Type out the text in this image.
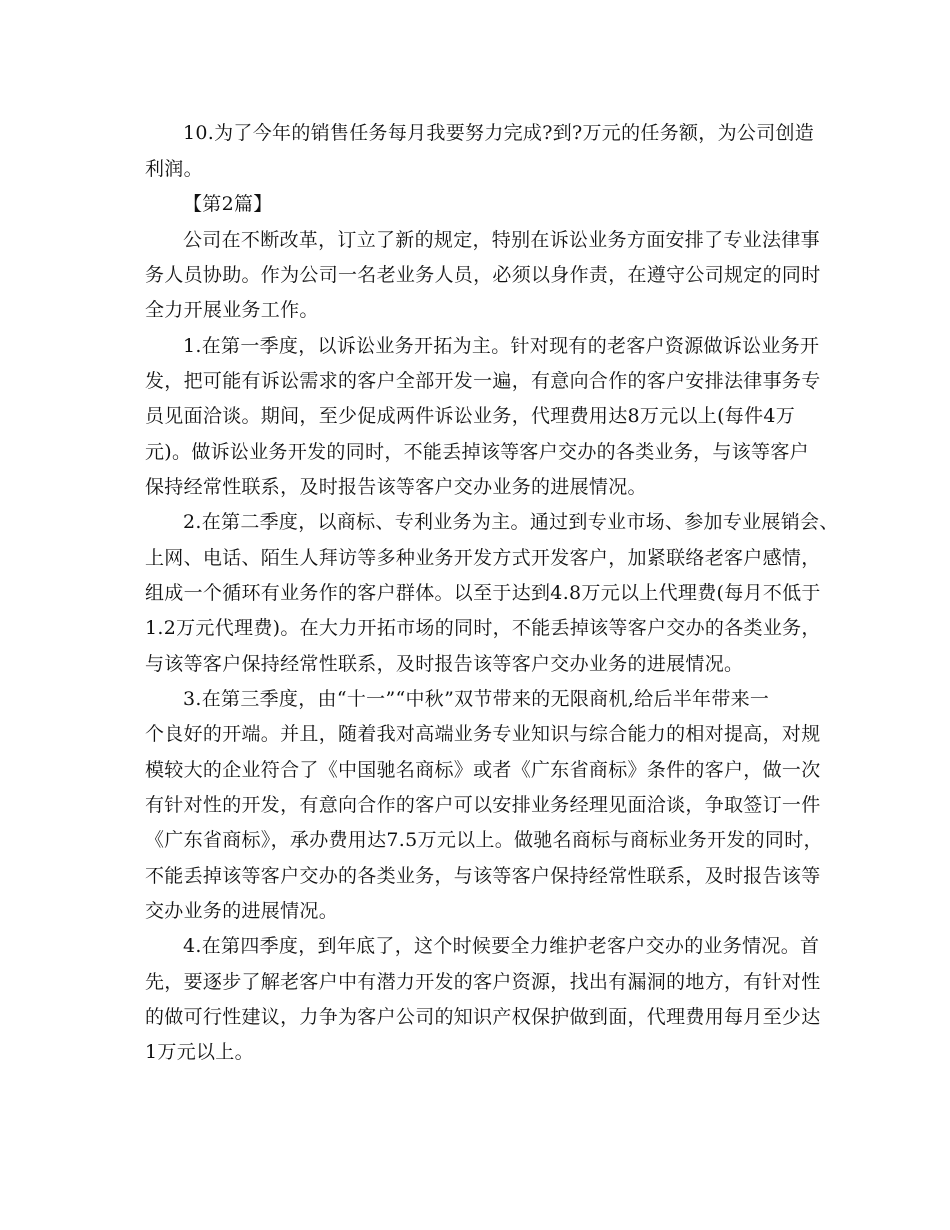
10.为了今年的销售任务每月我要努力完成?到?万元的任务额，为公司创造
利润。
【第2篇】
公司在不断改革，订立了新的规定，特别在诉讼业务方面安排了专业法律事
务人员协助。作为公司一名老业务人员，必须以身作责，在遵守公司规定的同时
全力开展业务工作。
1.在第一季度，以诉讼业务开拓为主。针对现有的老客户资源做诉讼业务开
发，把可能有诉讼需求的客户全部开发一遍，有意向合作的客户安排法律事务专
员见面洽谈。期间，至少促成两件诉讼业务，代理费用达8万元以上(每件4万
元)。做诉讼业务开发的同时，不能丢掉该等客户交办的各类业务，与该等客户
保持经常性联系，及时报告该等客户交办业务的进展情况。
2.在第二季度，以商标、专利业务为主。通过到专业市场、参加专业展销会、
上网、电话、陌生人拜访等多种业务开发方式开发客户，加紧联络老客户感情，
组成一个循环有业务作的客户群体。以至于达到4.8万元以上代理费(每月不低于
1.2万元代理费)。在大力开拓市场的同时，不能丢掉该等客户交办的各类业务，
与该等客户保持经常性联系，及时报告该等客户交办业务的进展情况。
3.在第三季度，由“十一”“中秋”双节带来的无限商机,给后半年带来一
个良好的开端。并且，随着我对高端业务专业知识与综合能力的相对提高，对规
模较大的企业符合了《中国驰名商标》或者《广东省商标》条件的客户，做一次
有针对性的开发，有意向合作的客户可以安排业务经理见面洽谈，争取签订一件
《广东省商标》，承办费用达7.5万元以上。做驰名商标与商标业务开发的同时，
不能丢掉该等客户交办的各类业务，与该等客户保持经常性联系，及时报告该等
交办业务的进展情况。
4.在第四季度，到年底了，这个时候要全力维护老客户交办的业务情况。首
先，要逐步了解老客户中有潜力开发的客户资源，找出有漏洞的地方，有针对性
的做可行性建议，力争为客户公司的知识产权保护做到面，代理费用每月至少达
1万元以上。
